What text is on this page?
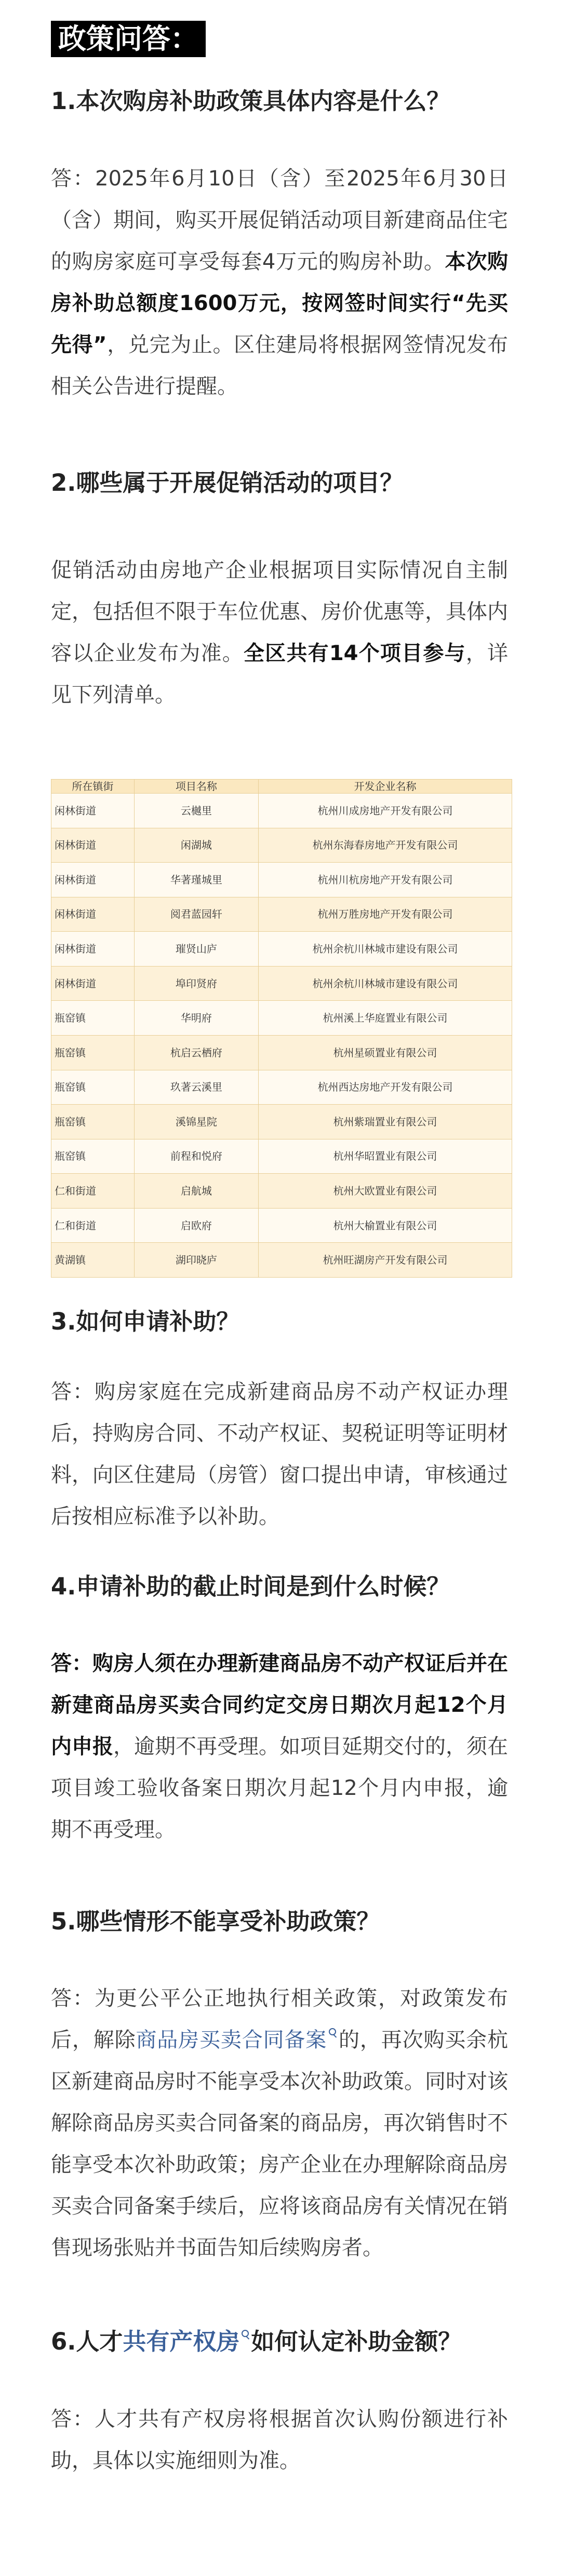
政策问答：
1.本次购房补助政策具体内容是什么？

答：2025年6月10日（含）至2025年6月30日（含）期间，购买开展促销活动项目新建商品住宅的购房家庭可享受每套4万元的购房补助。本次购房补助总额度1600万元，按网签时间实行“先买先得”，兑完为止。区住建局将根据网签情况发布相关公告进行提醒。

2.哪些属于开展促销活动的项目？

促销活动由房地产企业根据项目实际情况自主制定，包括但不限于车位优惠、房价优惠等，具体内容以企业发布为准。全区共有14个项目参与，详见下列清单。

所在镇街	项目名称	开发企业名称
闲林街道	云樾里	杭州川成房地产开发有限公司
闲林街道	闲湖城	杭州东海春房地产开发有限公司
闲林街道	华著瑾城里	杭州川杭房地产开发有限公司
闲林街道	阅君蓝园轩	杭州万胜房地产开发有限公司
闲林街道	璀贤山庐	杭州余杭川林城市建设有限公司
闲林街道	埠印贤府	杭州余杭川林城市建设有限公司
瓶窑镇	华明府	杭州溪上华庭置业有限公司
瓶窑镇	杭启云栖府	杭州星硕置业有限公司
瓶窑镇	玖著云溪里	杭州西达房地产开发有限公司
瓶窑镇	溪锦星院	杭州紫瑞置业有限公司
瓶窑镇	前程和悦府	杭州华昭置业有限公司
仁和街道	启航城	杭州大欧置业有限公司
仁和街道	启欧府	杭州大榆置业有限公司
黄湖镇	湖印晓庐	杭州旺湖房产开发有限公司
3.如何申请补助？

答：购房家庭在完成新建商品房不动产权证办理后，持购房合同、不动产权证、契税证明等证明材料，向区住建局（房管）窗口提出申请，审核通过后按相应标准予以补助。

4.申请补助的截止时间是到什么时候？

答：购房人须在办理新建商品房不动产权证后并在新建商品房买卖合同约定交房日期次月起12个月内申报，逾期不再受理。如项目延期交付的，须在项目竣工验收备案日期次月起12个月内申报，逾期不再受理。

5.哪些情形不能享受补助政策？

答：为更公平公正地执行相关政策，对政策发布后，解除商品房买卖合同备案 的，再次购买余杭区新建商品房时不能享受本次补助政策。同时对该解除商品房买卖合同备案的商品房，再次销售时不能享受本次补助政策；房产企业在办理解除商品房买卖合同备案手续后，应将该商品房有关情况在销售现场张贴并书面告知后续购房者。

6.人才共有产权房 如何认定补助金额？

答：人才共有产权房将根据首次认购份额进行补助，具体以实施细则为准。
